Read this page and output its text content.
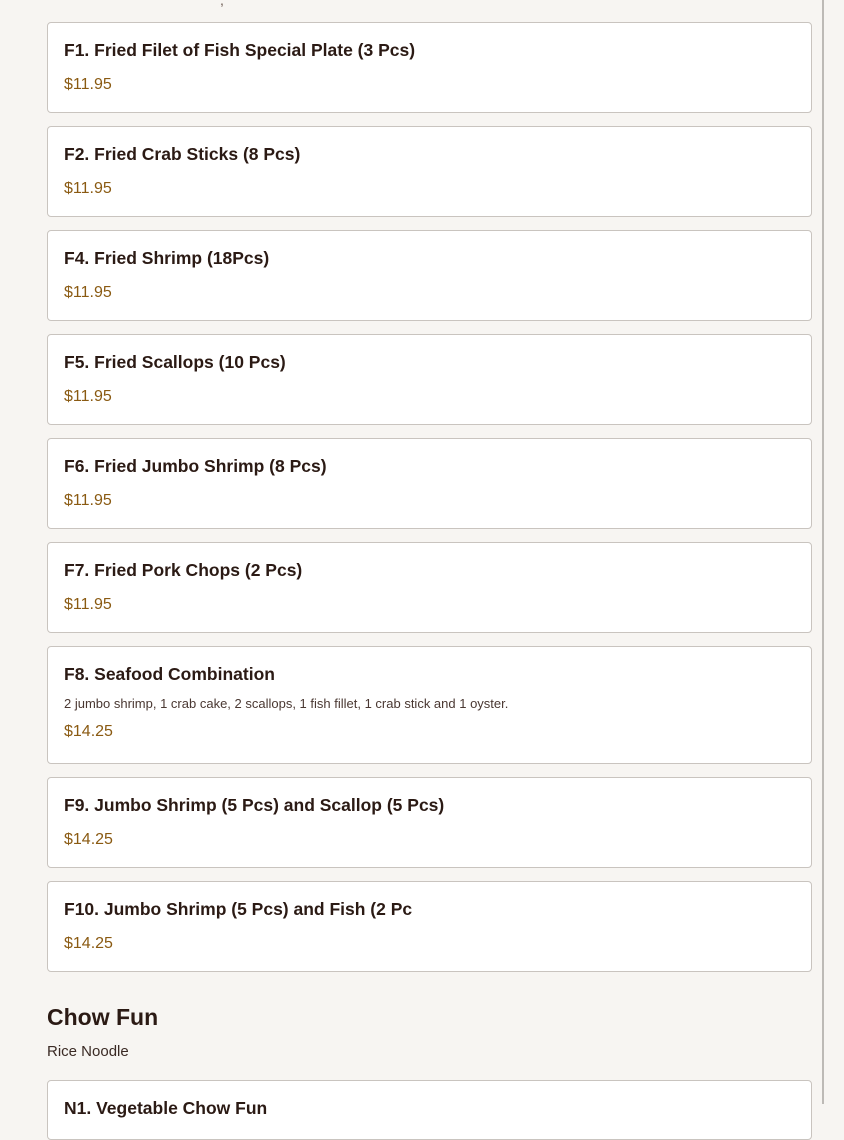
,
F1. Fried Filet of Fish Special Plate (3 Pcs)
$11.95
F2. Fried Crab Sticks (8 Pcs)
$11.95
F4. Fried Shrimp (18Pcs)
$11.95
F5. Fried Scallops (10 Pcs)
$11.95
F6. Fried Jumbo Shrimp (8 Pcs)
$11.95
F7. Fried Pork Chops (2 Pcs)
$11.95
F8. Seafood Combination
2 jumbo shrimp, 1 crab cake, 2 scallops, 1 fish fillet, 1 crab stick and 1 oyster.
$14.25
F9. Jumbo Shrimp (5 Pcs) and Scallop (5 Pcs)
$14.25
F10. Jumbo Shrimp (5 Pcs) and Fish (2 Pc
$14.25
Chow Fun
Rice Noodle
N1. Vegetable Chow Fun
